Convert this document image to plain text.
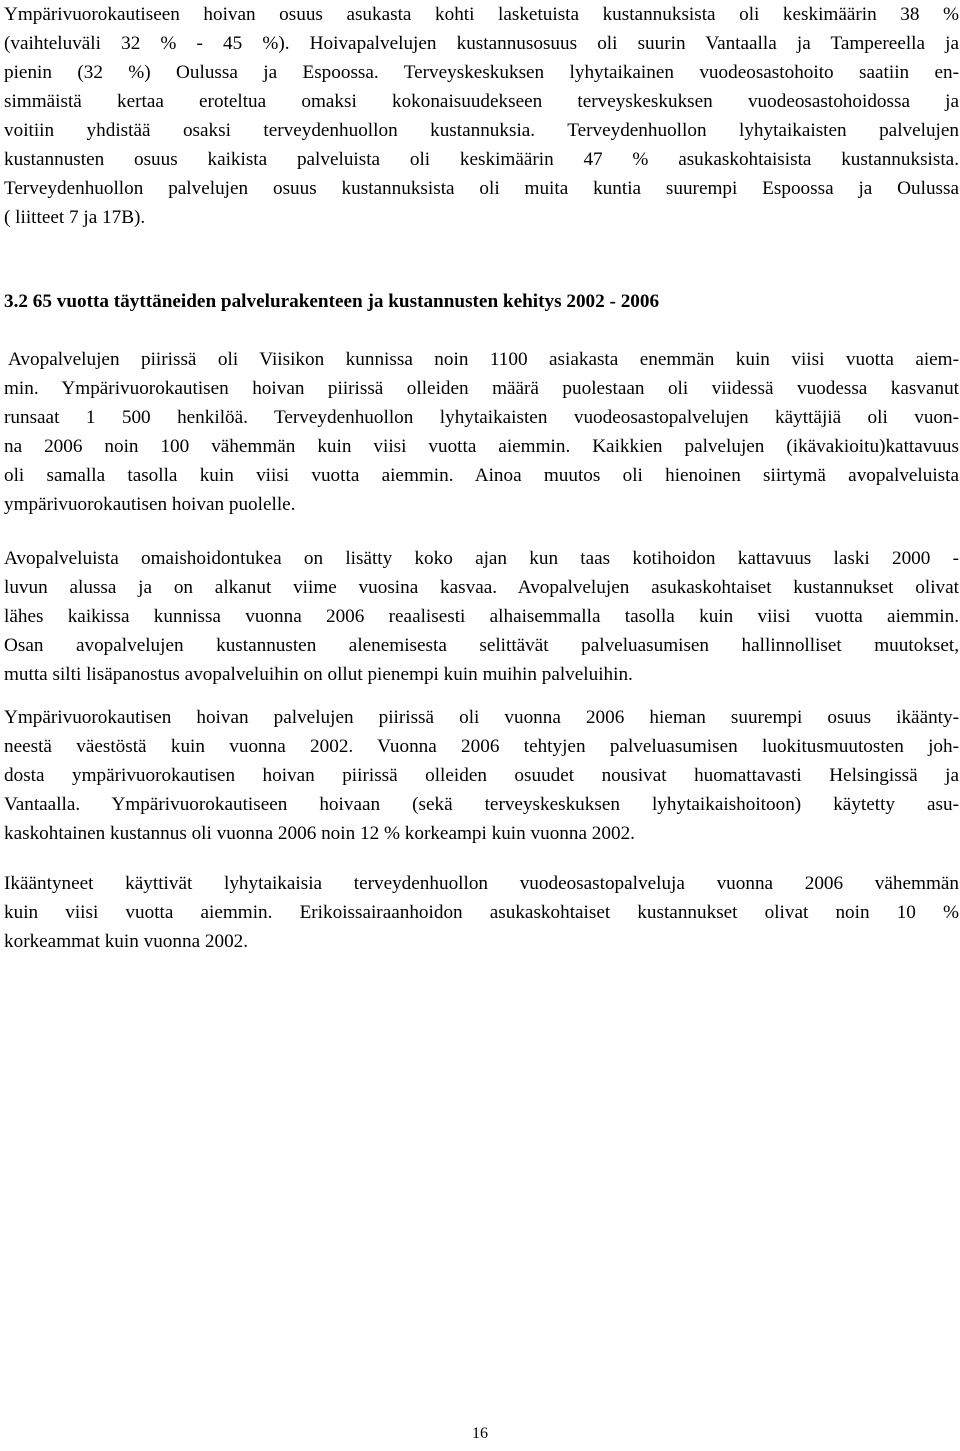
Ympärivuorokautiseen hoivan osuus asukasta kohti lasketuista kustannuksista oli keskimäärin 38 %
(vaihteluväli 32 % - 45 %). Hoivapalvelujen kustannusosuus oli suurin Vantaalla ja Tampereella ja
pienin (32 %) Oulussa ja Espoossa. Terveyskeskuksen lyhytaikainen vuodeosastohoito saatiin en-
simmäistä kertaa eroteltua omaksi kokonaisuudekseen terveyskeskuksen vuodeosastohoidossa ja
voitiin yhdistää osaksi terveydenhuollon kustannuksia. Terveydenhuollon lyhytaikaisten palvelujen
kustannusten osuus kaikista palveluista oli keskimäärin 47 % asukaskohtaisista kustannuksista.
Terveydenhuollon palvelujen osuus kustannuksista oli muita kuntia suurempi Espoossa ja Oulussa
( liitteet 7 ja 17B).
3.2 65 vuotta täyttäneiden palvelurakenteen ja kustannusten kehitys 2002 - 2006
Avopalvelujen piirissä oli Viisikon kunnissa noin 1100 asiakasta enemmän kuin viisi vuotta aiem-
min. Ympärivuorokautisen hoivan piirissä olleiden määrä puolestaan oli viidessä vuodessa kasvanut
runsaat 1 500 henkilöä. Terveydenhuollon lyhytaikaisten vuodeosastopalvelujen käyttäjiä oli vuon-
na 2006 noin 100 vähemmän kuin viisi vuotta aiemmin. Kaikkien palvelujen (ikävakioitu)kattavuus
oli samalla tasolla kuin viisi vuotta aiemmin. Ainoa muutos oli hienoinen siirtymä avopalveluista
ympärivuorokautisen hoivan puolelle.
Avopalveluista omaishoidontukea on lisätty koko ajan kun taas kotihoidon kattavuus laski 2000 -
luvun alussa ja on alkanut viime vuosina kasvaa. Avopalvelujen asukaskohtaiset kustannukset olivat
lähes kaikissa kunnissa vuonna 2006 reaalisesti alhaisemmalla tasolla kuin viisi vuotta aiemmin.
Osan avopalvelujen kustannusten alenemisesta selittävät palveluasumisen hallinnolliset muutokset,
mutta silti lisäpanostus avopalveluihin on ollut pienempi kuin muihin palveluihin.
Ympärivuorokautisen hoivan palvelujen piirissä oli vuonna 2006 hieman suurempi osuus ikäänty-
neestä väestöstä kuin vuonna 2002. Vuonna 2006 tehtyjen palveluasumisen luokitusmuutosten joh-
dosta ympärivuorokautisen hoivan piirissä olleiden osuudet nousivat huomattavasti Helsingissä ja
Vantaalla. Ympärivuorokautiseen hoivaan (sekä terveyskeskuksen lyhytaikaishoitoon) käytetty asu-
kaskohtainen kustannus oli vuonna 2006 noin 12 % korkeampi kuin vuonna 2002.
Ikääntyneet käyttivät lyhytaikaisia terveydenhuollon vuodeosastopalveluja vuonna 2006 vähemmän
kuin viisi vuotta aiemmin. Erikoissairaanhoidon asukaskohtaiset kustannukset olivat noin 10 %
korkeammat kuin vuonna 2002.
16
